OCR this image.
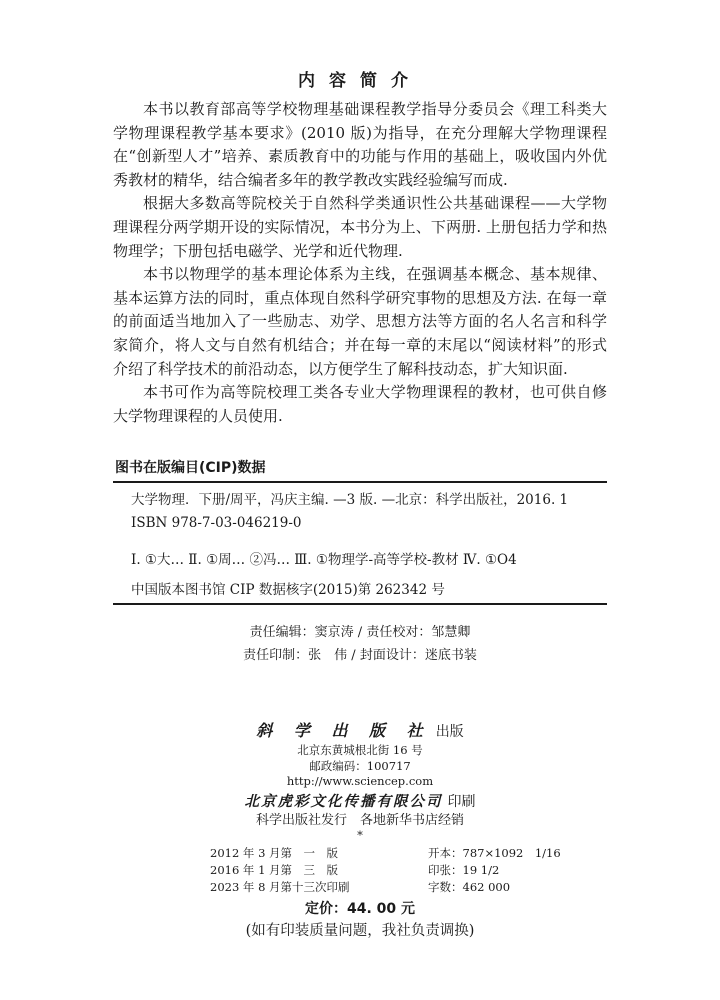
内容简介

本书以教育部高等学校物理基础课程教学指导分委员会《理工科类大学物理课程教学基本要求》(2010 版)为指导，在充分理解大学物理课程在“创新型人才”培养、素质教育中的功能与作用的基础上，吸收国内外优秀教材的精华，结合编者多年的教学教改实践经验编写而成.

根据大多数高等院校关于自然科学类通识性公共基础课程——大学物理课程分两学期开设的实际情况，本书分为上、下两册. 上册包括力学和热物理学；下册包括电磁学、光学和近代物理.

本书以物理学的基本理论体系为主线，在强调基本概念、基本规律、基本运算方法的同时，重点体现自然科学研究事物的思想及方法. 在每一章的前面适当地加入了一些励志、劝学、思想方法等方面的名人名言和科学家简介，将人文与自然有机结合；并在每一章的末尾以“阅读材料”的形式介绍了科学技术的前沿动态，以方便学生了解科技动态，扩大知识面.

本书可作为高等院校理工类各专业大学物理课程的教材，也可供自修大学物理课程的人员使用.

图书在版编目(CIP)数据
大学物理．下册/周平，冯庆主编. —3 版. —北京：科学出版社，2016. 1
ISBN 978-7-03-046219-0
Ⅰ. ①大… Ⅱ. ①周… ②冯… Ⅲ. ①物理学-高等学校-教材 Ⅳ. ①O4
中国版本图书馆 CIP 数据核字(2015)第 262342 号
责任编辑：窦京涛 / 责任校对：邹慧卿
责任印制：张　伟 / 封面设计：迷底书装
斜 学 出 版 社 出版
北京东黄城根北街 16 号
邮政编码：100717
http://www.sciencep.com
北京虎彩文化传播有限公司 印刷
科学出版社发行　各地新华书店经销
*
2012 年 3 月第　一　版	开本：787×1092　1/16
2016 年 1 月第　三　版	印张：19 1/2
2023 年 8 月第十三次印刷	字数：462 000
定价：44. 00 元
(如有印装质量问题，我社负责调换)
